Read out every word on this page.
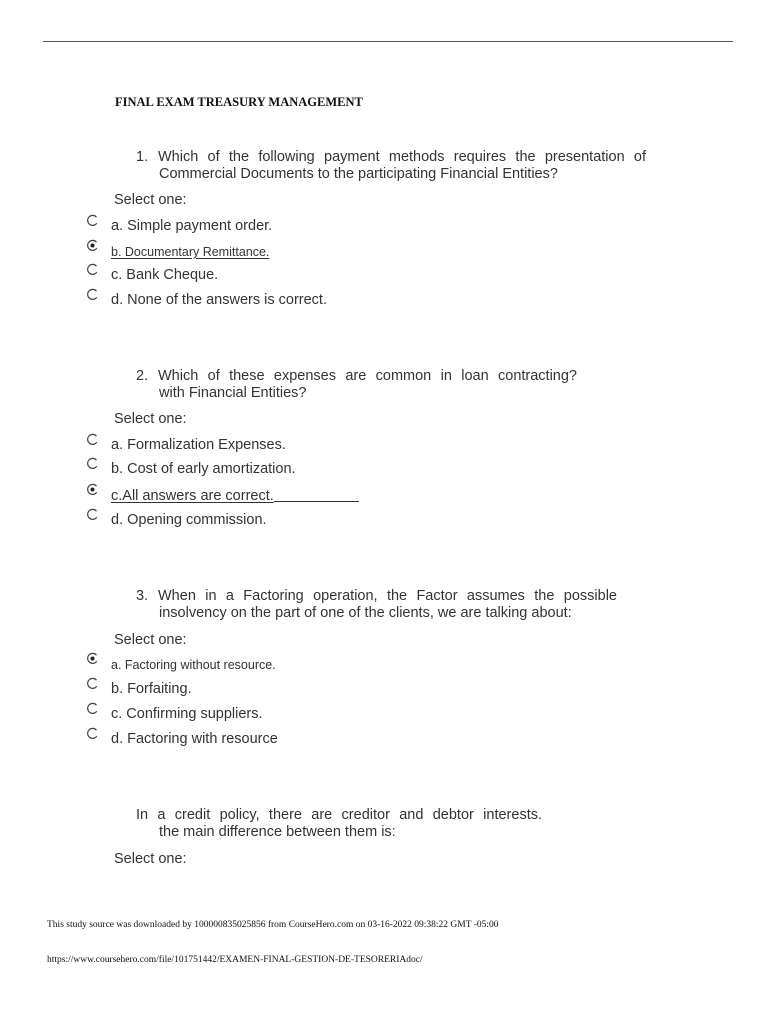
FINAL EXAM TREASURY MANAGEMENT
1. Which of the following payment methods requires the presentation of
Commercial Documents to the participating Financial Entities?
Select one:
a. Simple payment order.
b. Documentary Remittance.
c. Bank Cheque.
d. None of the answers is correct.
2. Which of these expenses are common in loan contracting?
with Financial Entities?
Select one:
a. Formalization Expenses.
b. Cost of early amortization.
c.All answers are correct.
d. Opening commission.
3. When in a Factoring operation, the Factor assumes the possible
insolvency on the part of one of the clients, we are talking about:
Select one:
a. Factoring without resource.
b. Forfaiting.
c. Confirming suppliers.
d. Factoring with resource
In a credit policy, there are creditor and debtor interests.
the main difference between them is:
Select one:
This study source was downloaded by 100000835025856 from CourseHero.com on 03-16-2022 09:38:22 GMT -05:00
https://www.coursehero.com/file/101751442/EXAMEN-FINAL-GESTION-DE-TESORERIAdoc/
